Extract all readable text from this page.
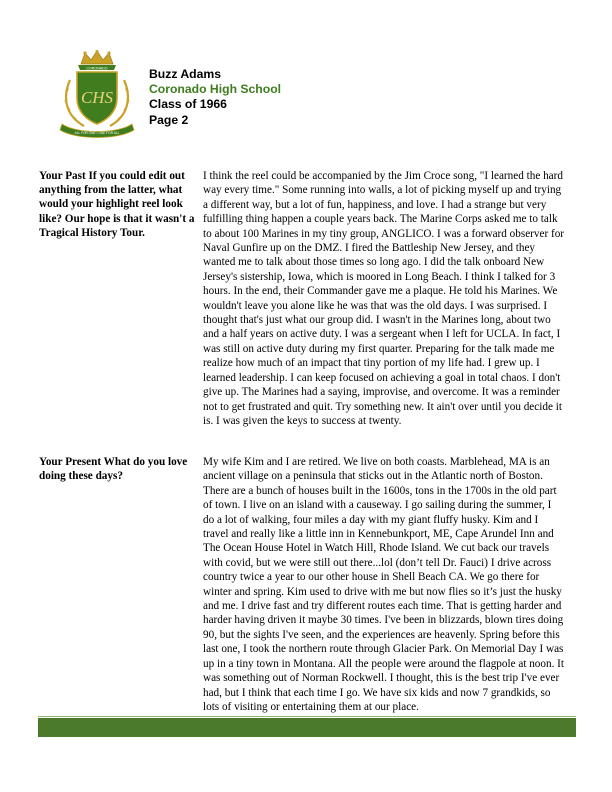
CORONADO
CHS
ALL FOR ONE • ONE FOR ALL
Buzz Adams
Coronado High School
Class of 1966
Page 2
Your Past If you could edit out anything from the latter, what would your highlight reel look like? Our hope is that it wasn't a Tragical History Tour.
I think the reel could be accompanied by the Jim Croce song, "I learned the hard way every time." Some running into walls, a lot of picking myself up and trying a different way, but a lot of fun, happiness, and love. I had a strange but very fulfilling thing happen a couple years back. The Marine Corps asked me to talk to about 100 Marines in my tiny group, ANGLICO. I was a forward observer for Naval Gunfire up on the DMZ. I fired the Battleship New Jersey, and they wanted me to talk about those times so long ago. I did the talk onboard New Jersey's sistership, Iowa, which is moored in Long Beach. I think I talked for 3 hours. In the end, their Commander gave me a plaque. He told his Marines. We wouldn't leave you alone like he was that was the old days. I was surprised. I thought that's just what our group did. I wasn't in the Marines long, about two and a half years on active duty. I was a sergeant when I left for UCLA. In fact, I was still on active duty during my first quarter. Preparing for the talk made me realize how much of an impact that tiny portion of my life had. I grew up. I learned leadership. I can keep focused on achieving a goal in total chaos. I don't give up. The Marines had a saying, improvise, and overcome. It was a reminder not to get frustrated and quit. Try something new. It ain't over until you decide it is. I was given the keys to success at twenty.
Your Present What do you love doing these days?
My wife Kim and I are retired. We live on both coasts. Marblehead, MA is an ancient village on a peninsula that sticks out in the Atlantic north of Boston. There are a bunch of houses built in the 1600s, tons in the 1700s in the old part of town. I live on an island with a causeway. I go sailing during the summer, I do a lot of walking, four miles a day with my giant fluffy husky. Kim and I travel and really like a little inn in Kennebunkport, ME, Cape Arundel Inn and The Ocean House Hotel in Watch Hill, Rhode Island. We cut back our travels with covid, but we were still out there...lol (don’t tell Dr. Fauci) I drive across country twice a year to our other house in Shell Beach CA. We go there for winter and spring. Kim used to drive with me but now flies so it’s just the husky and me. I drive fast and try different routes each time. That is getting harder and harder having driven it maybe 30 times. I've been in blizzards, blown tires doing 90, but the sights I've seen, and the experiences are heavenly. Spring before this last one, I took the northern route through Glacier Park. On Memorial Day I was up in a tiny town in Montana. All the people were around the flagpole at noon. It was something out of Norman Rockwell. I thought, this is the best trip I've ever had, but I think that each time I go. We have six kids and now 7 grandkids, so lots of visiting or entertaining them at our place.
